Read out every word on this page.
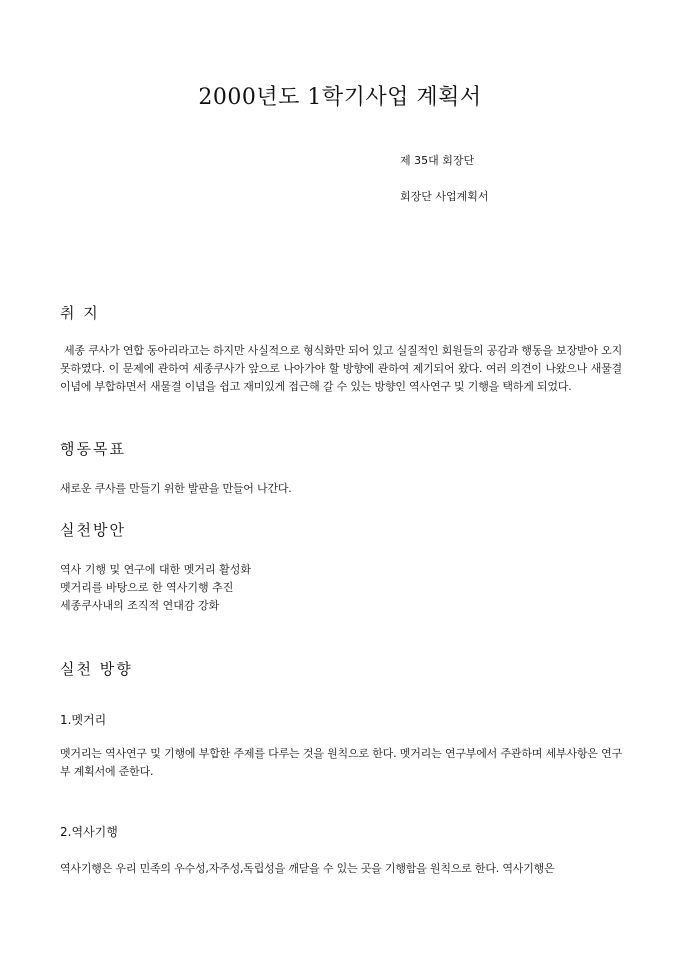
2000년도 1학기사업 계획서
제 35대 회장단
회장단 사업계획서
취 지
세종 쿠사가 연합 동아리라고는 하지만 사실적으로 형식화만 되어 있고 실질적인 회원들의 공감과 행동을 보장받아 오지 못하였다. 이 문제에 관하여 세종쿠사가 앞으로 나아가야 할 방향에 관하여 제기되어 왔다. 여러 의견이 나왔으나 새물결 이념에 부합하면서 새물결 이념을 쉽고 재미있게 접근해 갈 수 있는 방향인 역사연구 및 기행을 택하게 되었다.
행동목표
새로운 쿠사를 만들기 위한 발판을 만들어 나간다.
실천방안
역사 기행 및 연구에 대한 멧거리 활성화
멧거리를 바탕으로 한 역사기행 추진
세종쿠사내의 조직적 연대감 강화
실천 방향
1.멧거리
멧거리는 역사연구 및 기행에 부합한 주제를 다루는 것을 원칙으로 한다. 멧거리는 연구부에서 주관하며 세부사항은 연구부 계획서에 준한다.
2.역사기행
역사기행은 우리 민족의 우수성,자주성,독립성을 깨닫을 수 있는 곳을 기행함을 원칙으로 한다. 역사기행은
